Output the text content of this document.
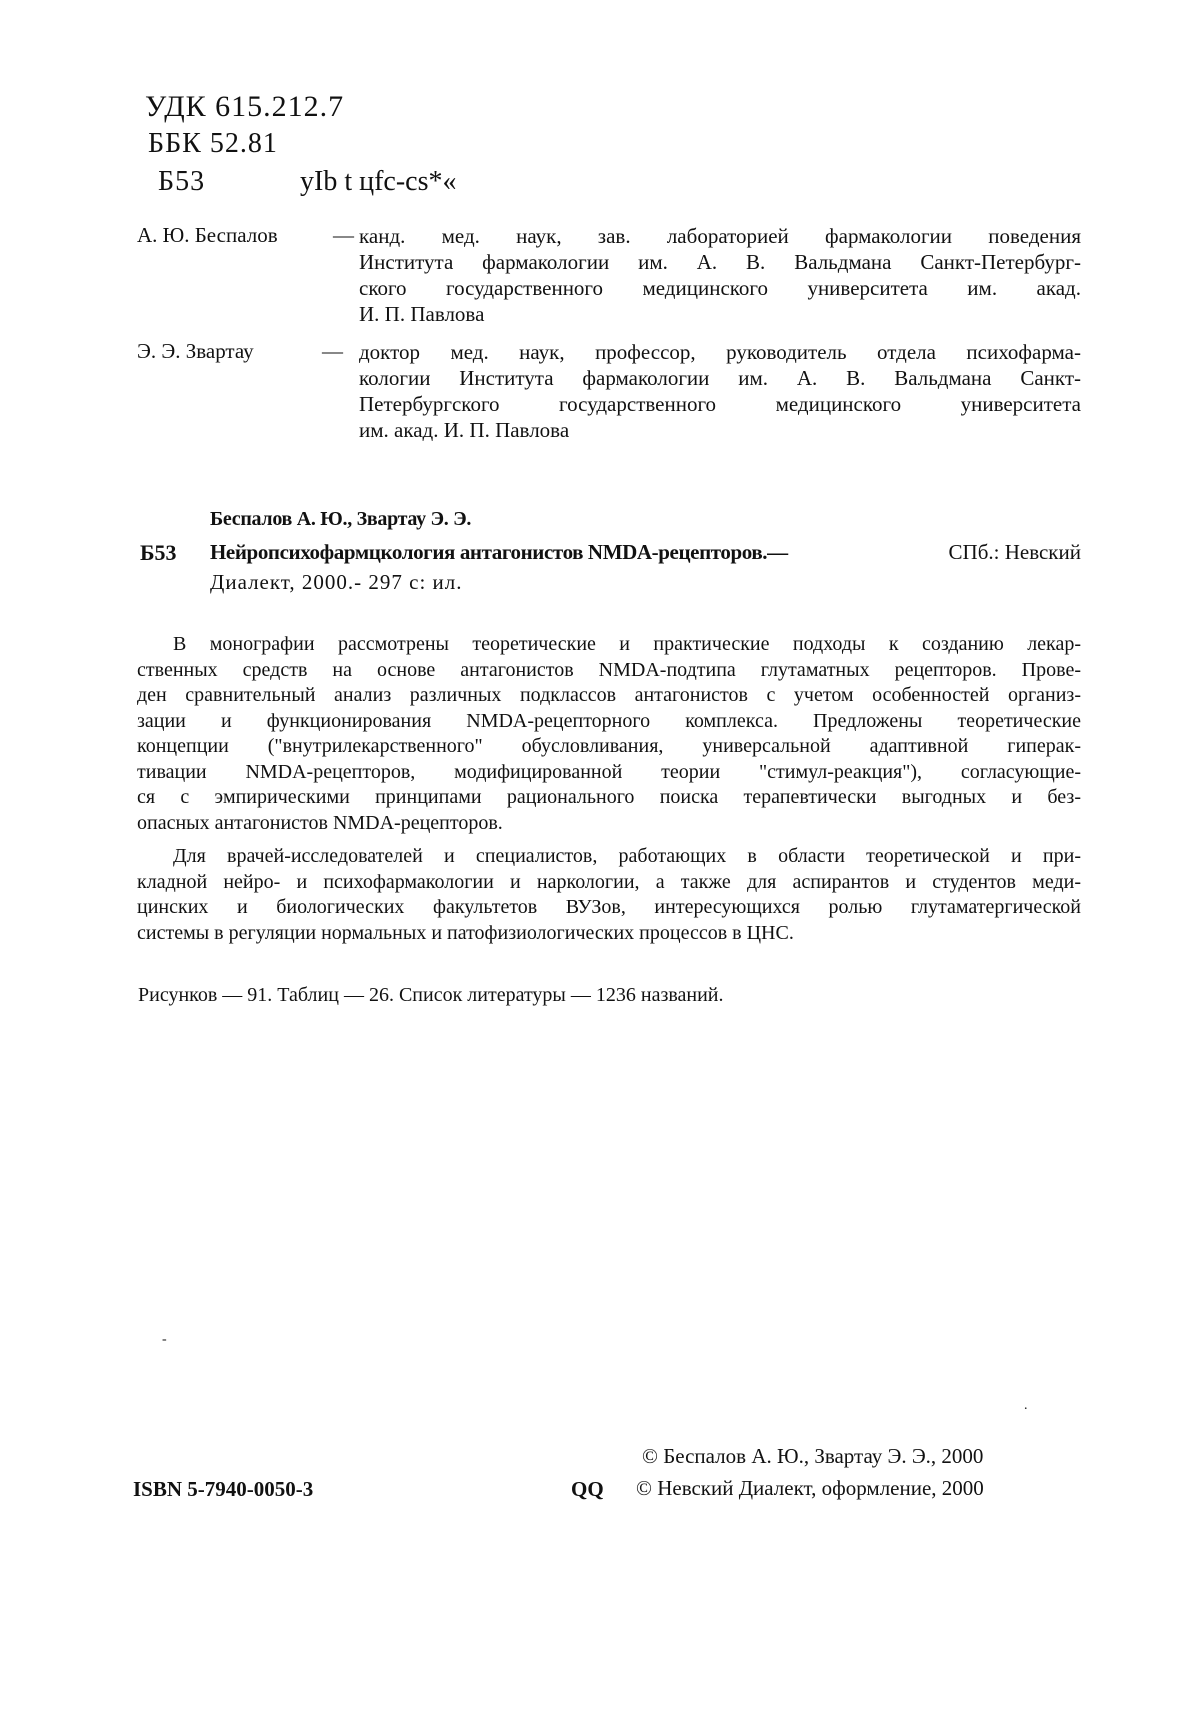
УДК 615.212.7
ББК 52.81
Б53	yIb t цfc-cs*«
А. Ю. Беспалов	— канд. мед. наук, зав. лабораторией фармакологии поведения
Института фармакологии им. А. В. Вальдмана Санкт-Петербург-
ского государственного медицинского университета им. акад.
И. П. Павлова
Э. Э. Звартау	— доктор мед. наук, профессор, руководитель отдела психофарма-
кологии Института фармакологии им. А. В. Вальдмана Санкт-
Петербургского государственного медицинского университета
им. акад. И. П. Павлова
Беспалов А. Ю., Звартау Э. Э.
Б53 Нейропсихофармцкология антагонистов NMDA-рецепторов.—	СПб.: Невский
Диалект, 2000.- 297 с: ил.
В монографии рассмотрены теоретические и практические подходы к созданию лекар-
ственных средств на основе антагонистов NMDA-подтипа глутаматных рецепторов. Прове-
ден сравнительный анализ различных подклассов антагонистов с учетом особенностей организ-
зации и функционирования NMDA-рецепторного комплекса. Предложены теоретические
концепции ("внутрилекарственного" обусловливания, универсальной адаптивной гиперак-
тивации NMDA-рецепторов, модифицированной теории "стимул-реакция"), согласующие-
ся с эмпирическими принципами рационального поиска терапевтически выгодных и без-
опасных антагонистов NMDA-рецепторов.
Для врачей-исследователей и специалистов, работающих в области теоретической и при-
кладной нейро- и психофармакологии и наркологии, а также для аспирантов и студентов меди-
цинских и биологических факультетов ВУЗов, интересующихся ролью глутаматергической
системы в регуляции нормальных и патофизиологических процессов в ЦНС.
Рисунков — 91. Таблиц — 26. Список литературы — 1236 названий.
-
.
© Беспалов А. Ю., Звартау Э. Э., 2000
ISBN 5-7940-0050-3	QQ © Невский Диалект, оформление, 2000
